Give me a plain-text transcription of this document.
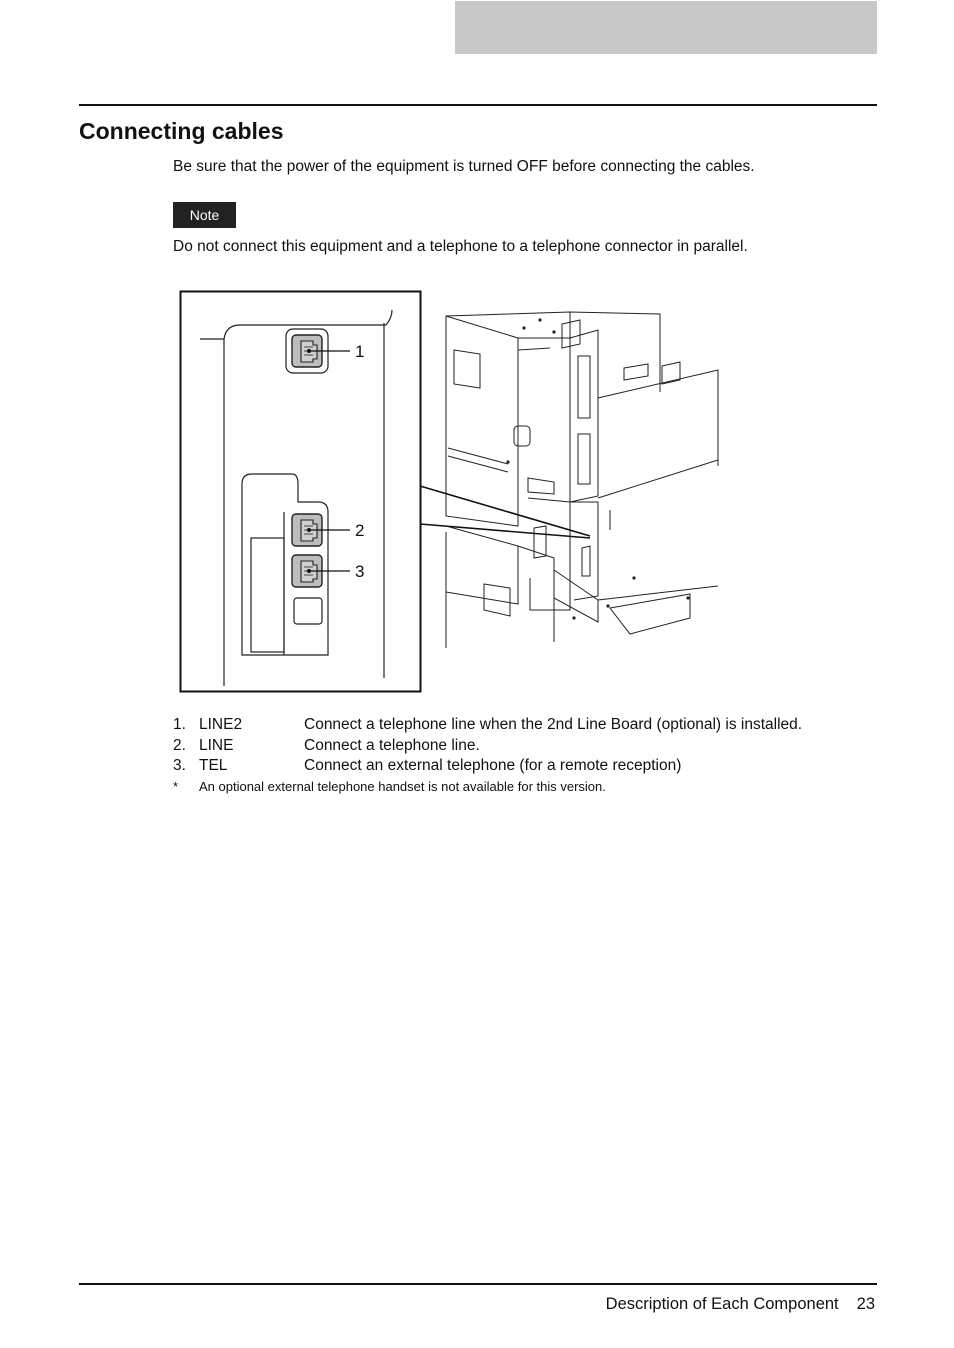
Connecting cables

Be sure that the power of the equipment is turned OFF before connecting the cables.

Note

Do not connect this equipment and a telephone to a telephone connector in parallel.

1
2
3
1. LINE2	Connect a telephone line when the 2nd Line Board (optional) is installed.
2. LINE	Connect a telephone line.
3. TEL	Connect an external telephone (for a remote reception)
* An optional external telephone handset is not available for this version.
Description of Each Component 23
